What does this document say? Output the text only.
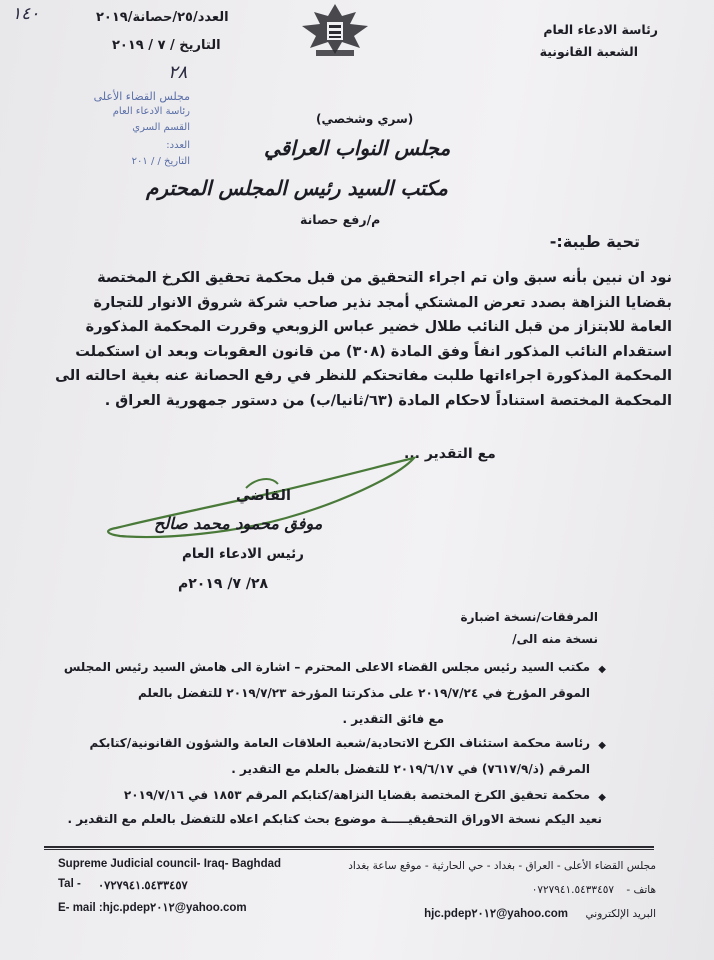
رئاسة الادعاء العام
الشعبة القانونية
العدد/٢٥/حصانة/٢٠١٩
التاريخ / ٧ / ٢٠١٩
٢٨
١٤٠
مجلس القضاء الأعلى
رئاسة الادعاء العام
القسم السري
العدد:
التاريخ / / ٢٠١
(سري وشخصي)
مجلس النواب العراقي
مكتب السيد رئيس المجلس المحترم
م/رفع حصانة
تحية طيبة:-
نود ان نبين بأنه سبق وان تم اجراء التحقيق من قبل محكمة تحقيق الكرخ المختصة
بقضايا النزاهة بصدد تعرض المشتكي أمجد نذير صاحب شركة شروق الانوار للتجارة
العامة للابتزاز من قبل النائب طلال خضير عباس الزوبعي وقررت المحكمة المذكورة
استقدام النائب المذكور انفاً وفق المادة (٣٠٨) من قانون العقوبات وبعد ان استكملت
المحكمة المذكورة اجراءاتها طلبت مفاتحتكم للنظر في رفع الحصانة عنه بغية احالته الى
المحكمة المختصة استناداً لاحكام المادة (٦٣/ثانيا/ب) من دستور جمهورية العراق .
مع التقدير ...
القاضي
موفق محمود محمد صالح
رئيس الادعاء العام
٢٨/ ٧/ ٢٠١٩م
المرفقات/نسخة اضبارة
نسخة منه الى/
◆
مكتب السيد رئيس مجلس القضاء الاعلى المحترم – اشارة الى هامش السيد رئيس المجلس
الموقر المؤرخ في ٢٠١٩/٧/٢٤ على مذكرتنا المؤرخة ٢٠١٩/٧/٢٣ للتفضل بالعلم
مع فائق التقدير .
◆
رئاسة محكمة استئناف الكرخ الاتحادية/شعبة العلاقات العامة والشؤون القانونية/كتابكم
المرقم (ذ/٧٦١٧/٩) في ٢٠١٩/٦/١٧ للتفضل بالعلم مع التقدير .
◆
محكمة تحقيق الكرخ المختصة بقضايا النزاهة/كتابكم المرقم ١٨٥٣ في ٢٠١٩/٧/١٦
نعيد اليكم نسخة الاوراق التحقيقيـــــة موضوع بحث كتابكم اعلاه للتفضل بالعلم مع التقدير .
Supreme Judicial council- Iraq- Baghdad
Tal - ٠٧٢٧٩٤١.٥٤٣٣٤٥٧
E- mail :hjc.pdep٢٠١٢@yahoo.com
مجلس القضاء الأعلى - العراق - بغداد - حي الحارثية - موقع ساعة بغداد
هاتف -
٠٧٢٧٩٤١.٥٤٣٣٤٥٧
البريد الإلكتروني
hjc.pdep٢٠١٢@yahoo.com
